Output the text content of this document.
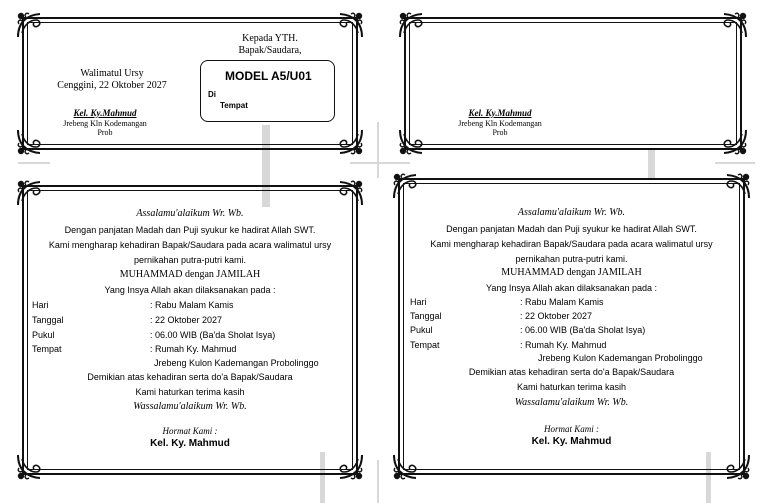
Walimatul Ursy
Cenggini, 22 Oktober 2027
Kel. Ky.Mahmud
Jrebeng Kln Kodemangan
Prob
Kepada YTH.
Bapak/Saudara,
MODEL A5/U01
Di
Tempat
Kel. Ky.Mahmud
Jrebeng Kln Kodemangan
Prob
Assalamu'alaikum Wr. Wb.
Dengan panjatan Madah dan Puji syukur ke hadirat Allah SWT.
Kami mengharap kehadiran Bapak/Saudara pada acara walimatul ursy
pernikahan putra-putri kami.
MUHAMMAD dengan JAMILAH
Yang Insya Allah akan dilaksanakan pada :
Hari	: Rabu Malam Kamis
Tanggal	: 22 Oktober 2027
Pukul	: 06.00 WIB (Ba'da Sholat Isya)
Tempat	: Rumah Ky. Mahmud
Jrebeng Kulon Kademangan Probolinggo
Demikian atas kehadiran serta do'a Bapak/Saudara
Kami haturkan terima kasih
Wassalamu'alaikum Wr. Wb.
Hormat Kami :
Kel. Ky. Mahmud
Assalamu'alaikum Wr. Wb.
Dengan panjatan Madah dan Puji syukur ke hadirat Allah SWT.
Kami mengharap kehadiran Bapak/Saudara pada acara walimatul ursy
pernikahan putra-putri kami.
MUHAMMAD dengan JAMILAH
Yang Insya Allah akan dilaksanakan pada :
Hari	: Rabu Malam Kamis
Tanggal	: 22 Oktober 2027
Pukul	: 06.00 WIB (Ba'da Sholat Isya)
Tempat	: Rumah Ky. Mahmud
Jrebeng Kulon Kademangan Probolinggo
Demikian atas kehadiran serta do'a Bapak/Saudara
Kami haturkan terima kasih
Wassalamu'alaikum Wr. Wb.
Hormat Kami :
Kel. Ky. Mahmud
